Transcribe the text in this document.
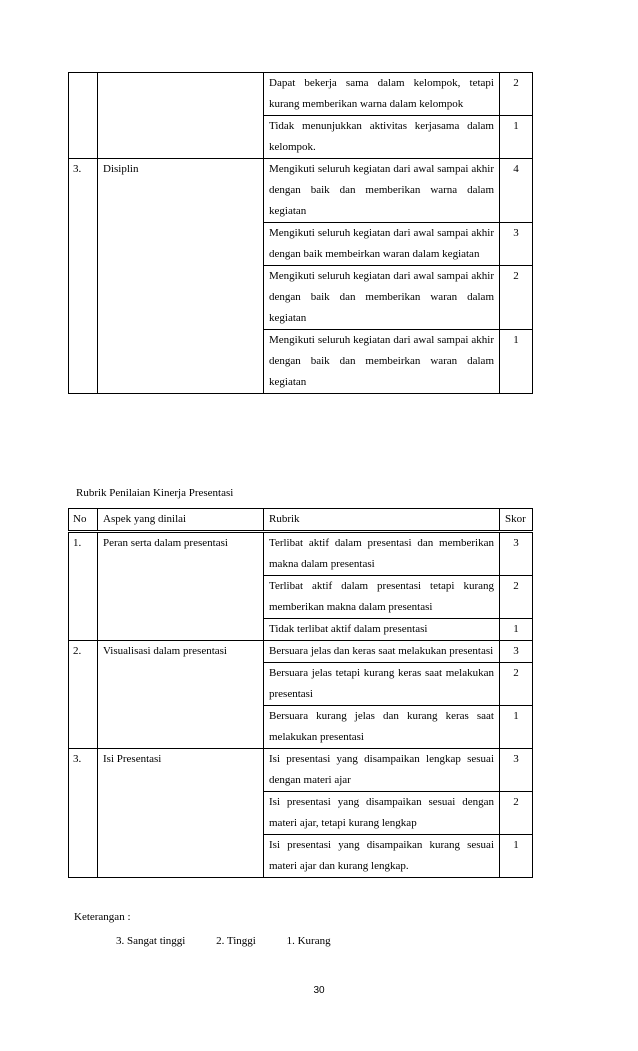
		Dapat bekerja sama dalam kelompok, tetapi kurang memberikan warna dalam kelompok	2
		Tidak menunjukkan aktivitas kerjasama dalam kelompok.	1
3.	Disiplin	Mengikuti seluruh kegiatan dari awal sampai akhir dengan baik dan memberikan warna dalam kegiatan	4
		Mengikuti seluruh kegiatan dari awal sampai akhir dengan baik membeirkan waran dalam kegiatan	3
		Mengikuti seluruh kegiatan dari awal sampai akhir dengan baik dan memberikan waran dalam kegiatan	2
		Mengikuti seluruh kegiatan dari awal sampai akhir dengan baik dan membeirkan waran dalam kegiatan	1
Rubrik Penilaian Kinerja Presentasi
No	Aspek yang dinilai	Rubrik	Skor
1.	Peran serta dalam presentasi	Terlibat aktif dalam presentasi dan memberikan makna dalam presentasi	3
		Terlibat aktif dalam presentasi tetapi kurang memberikan makna dalam presentasi	2
		Tidak terlibat aktif dalam presentasi	1
2.	Visualisasi dalam presentasi	Bersuara jelas dan keras saat melakukan presentasi	3
		Bersuara jelas tetapi kurang keras saat melakukan presentasi	2
		Bersuara kurang jelas dan kurang keras saat melakukan presentasi	1
3.	Isi Presentasi	Isi presentasi yang disampaikan lengkap sesuai dengan materi ajar	3
		Isi presentasi yang disampaikan sesuai dengan materi ajar, tetapi kurang lengkap	2
		Isi presentasi yang disampaikan kurang sesuai materi ajar dan kurang lengkap.	1
Keterangan :
3. Sangat tinggi	2. Tinggi	1. Kurang
30
